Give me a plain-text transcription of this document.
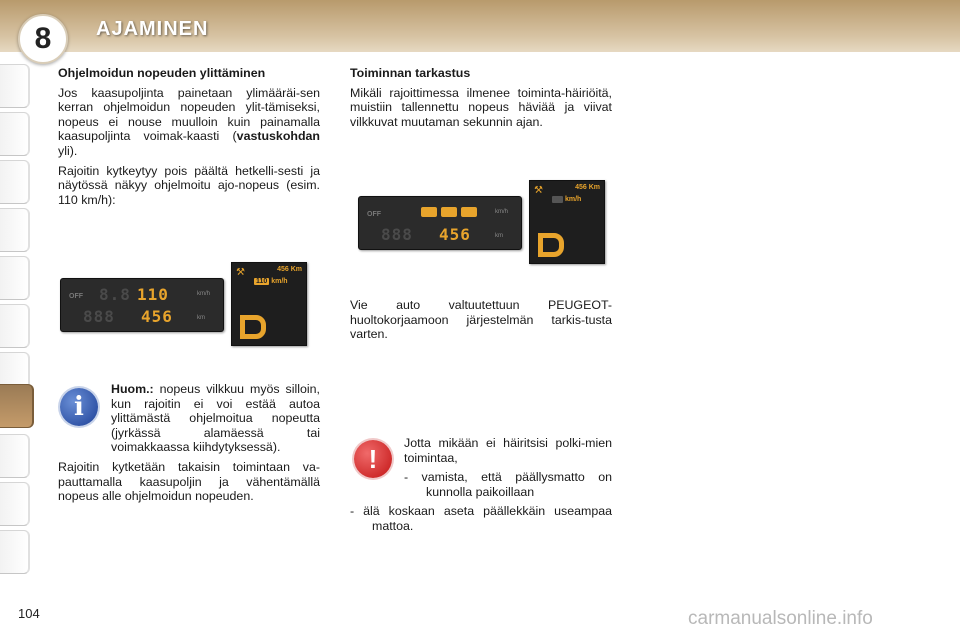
8	AJAMINEN

Ohjelmoidun nopeuden ylittäminen

Jos kaasupoljinta painetaan ylimääräi-sen kerran ohjelmoidun nopeuden ylit-tämiseksi, nopeus ei nouse muulloin kuin painamalla kaasupoljinta voimak-kaasti (vastuskohdan yli).

Rajoitin kytkeytyy pois päältä hetkelli-sesti ja näytössä näkyy ohjelmoitu ajo-nopeus (esim. 110 km/h):

OFF 8.8 110
888 456
km/h
km
⚒	456 Km
110 km/h
i

Huom.: nopeus vilkkuu myös silloin, kun rajoitin ei voi estää autoa ylittämästä ohjelmoitua nopeutta (jyrkässä alamäessä tai voimakkaassa kiihdytyksessä).

Rajoitin kytketään takaisin toimintaan va-pauttamalla kaasupoljin ja vähentämällä nopeus alle ohjelmoidun nopeuden.

Toiminnan tarkastus

Mikäli rajoittimessa ilmenee toiminta-häiriöitä, muistiin tallennettu nopeus häviää ja viivat vilkkuvat muutaman sekunnin ajan.

OFF
888 456
km/h
km
⚒	456 Km
--- km/h

Vie auto valtuutettuun PEUGEOT-huoltokorjaamoon järjestelmän tarkis-tusta varten.

!

Jotta mikään ei häiritsisi polki-mien toimintaa,

- vamista, että päällysmatto on kunnolla paikoillaan

- älä koskaan aseta päällekkäin useampaa mattoa.

104	carmanualsonline.info
